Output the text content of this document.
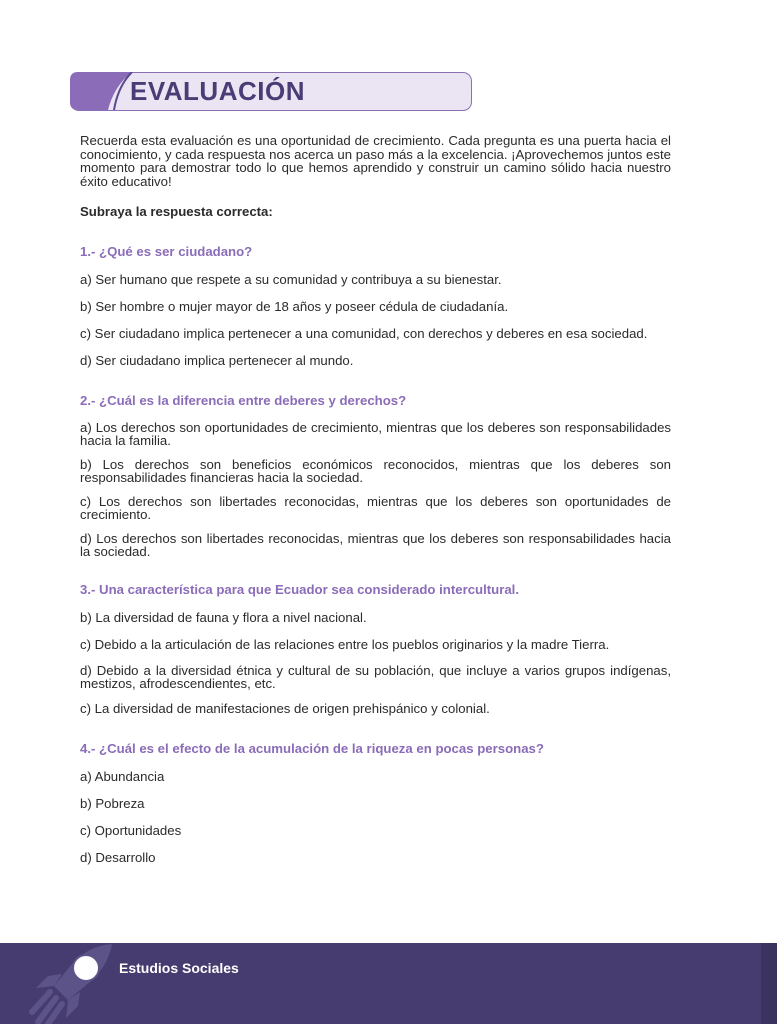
EVALUACIÓN

Recuerda esta evaluación es una oportunidad de crecimiento. Cada pregunta es una puerta hacia el conocimiento, y cada respuesta nos acerca un paso más a la excelencia. ¡Aprovechemos juntos este momento para demostrar todo lo que hemos aprendido y construir un camino sólido hacia nuestro éxito educativo!

Subraya la respuesta correcta:

1.- ¿Qué es ser ciudadano?

a) Ser humano que respete a su comunidad y contribuya a su bienestar.

b) Ser hombre o mujer mayor de 18 años y poseer cédula de ciudadanía.

c) Ser ciudadano implica pertenecer a una comunidad, con derechos y deberes en esa sociedad.

d) Ser ciudadano implica pertenecer al mundo.

2.- ¿Cuál es la diferencia entre deberes y derechos?

a) Los derechos son oportunidades de crecimiento, mientras que los deberes son responsabilidades hacia la familia.

b) Los derechos son beneficios económicos reconocidos, mientras que los deberes son responsabilidades financieras hacia la sociedad.

c) Los derechos son libertades reconocidas, mientras que los deberes son oportunidades de crecimiento.

d) Los derechos son libertades reconocidas, mientras que los deberes son responsabilidades hacia la sociedad.

3.- Una característica para que Ecuador sea considerado intercultural.

b) La diversidad de fauna y flora a nivel nacional.

c) Debido a la articulación de las relaciones entre los pueblos originarios y la madre Tierra.

d) Debido a la diversidad étnica y cultural de su población, que incluye a varios grupos indígenas, mestizos, afrodescendientes, etc.

c) La diversidad de manifestaciones de origen prehispánico y colonial.

4.- ¿Cuál es el efecto de la acumulación de la riqueza en pocas personas?

a) Abundancia

b) Pobreza

c) Oportunidades

d) Desarrollo

186 Estudios Sociales
